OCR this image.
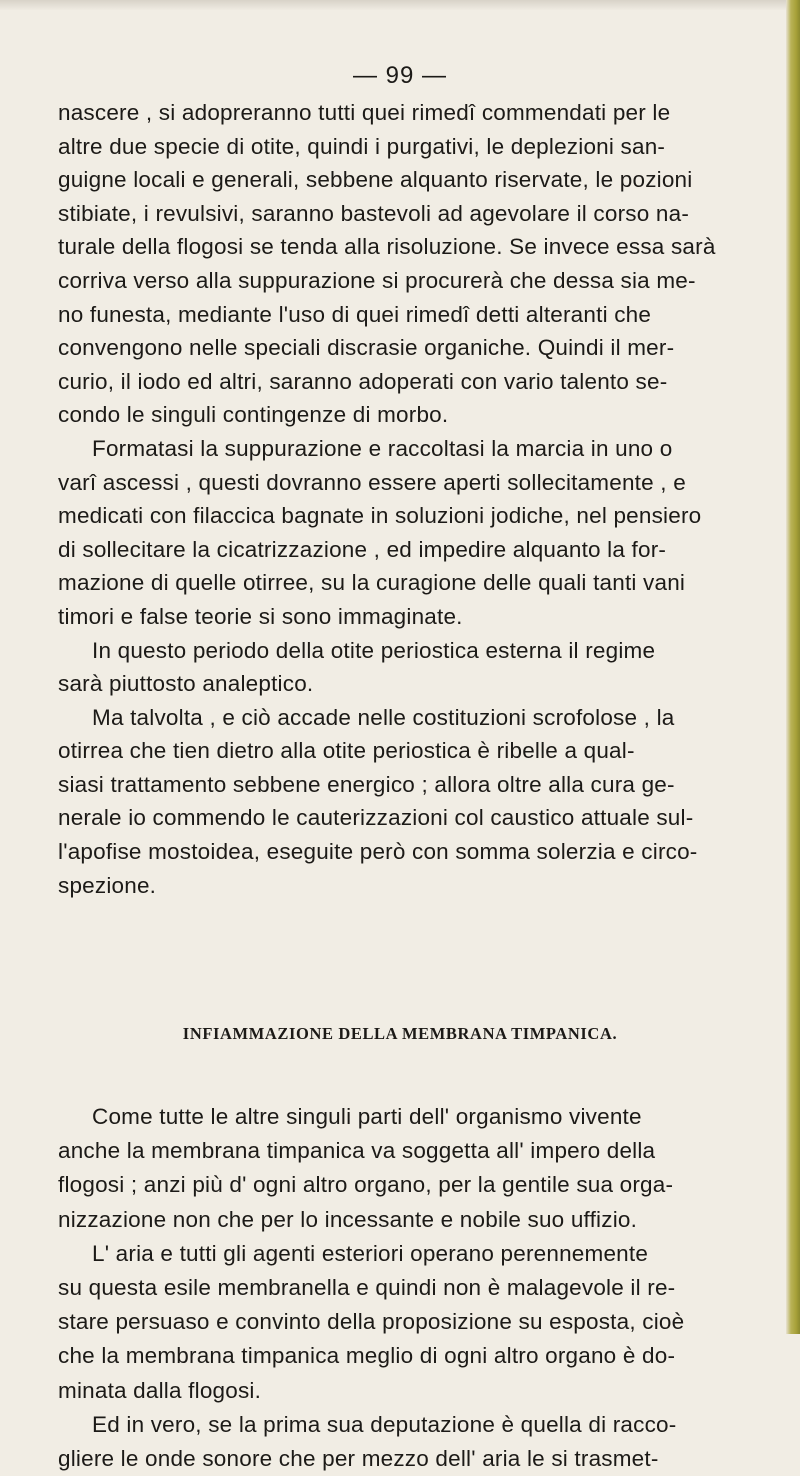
— 99 —
nascere , si adopreranno tutti quei rimedî commendati per le
altre due specie di otite, quindi i purgativi, le deplezioni san-
guigne locali e generali, sebbene alquanto riservate, le pozioni
stibiate, i revulsivi, saranno bastevoli ad agevolare il corso na-
turale della flogosi se tenda alla risoluzione. Se invece essa sarà
corriva verso alla suppurazione si procurerà che dessa sia me-
no funesta, mediante l'uso di quei rimedî detti alteranti che
convengono nelle speciali discrasie organiche. Quindi il mer-
curio, il iodo ed altri, saranno adoperati con vario talento se-
condo le singuli contingenze di morbo.
Formatasi la suppurazione e raccoltasi la marcia in uno o
varî ascessi , questi dovranno essere aperti sollecitamente , e
medicati con filaccica bagnate in soluzioni jodiche, nel pensiero
di sollecitare la cicatrizzazione , ed impedire alquanto la for-
mazione di quelle otirree, su la curagione delle quali tanti vani
timori e false teorie si sono immaginate.
In questo periodo della otite periostica esterna il regime
sarà piuttosto analeptico.
Ma talvolta , e ciò accade nelle costituzioni scrofolose , la
otirrea che tien dietro alla otite periostica è ribelle a qual-
siasi trattamento sebbene energico ; allora oltre alla cura ge-
nerale io commendo le cauterizzazioni col caustico attuale sul-
l'apofise mostoidea, eseguite però con somma solerzia e circo-
spezione.
INFIAMMAZIONE DELLA MEMBRANA TIMPANICA.
Come tutte le altre singuli parti dell' organismo vivente
anche la membrana timpanica va soggetta all' impero della
flogosi ; anzi più d' ogni altro organo, per la gentile sua orga-
nizzazione non che per lo incessante e nobile suo uffizio.
L' aria e tutti gli agenti esteriori operano perennemente
su questa esile membranella e quindi non è malagevole il re-
stare persuaso e convinto della proposizione su esposta, cioè
che la membrana timpanica meglio di ogni altro organo è do-
minata dalla flogosi.
Ed in vero, se la prima sua deputazione è quella di racco-
gliere le onde sonore che per mezzo dell' aria le si trasmet-
